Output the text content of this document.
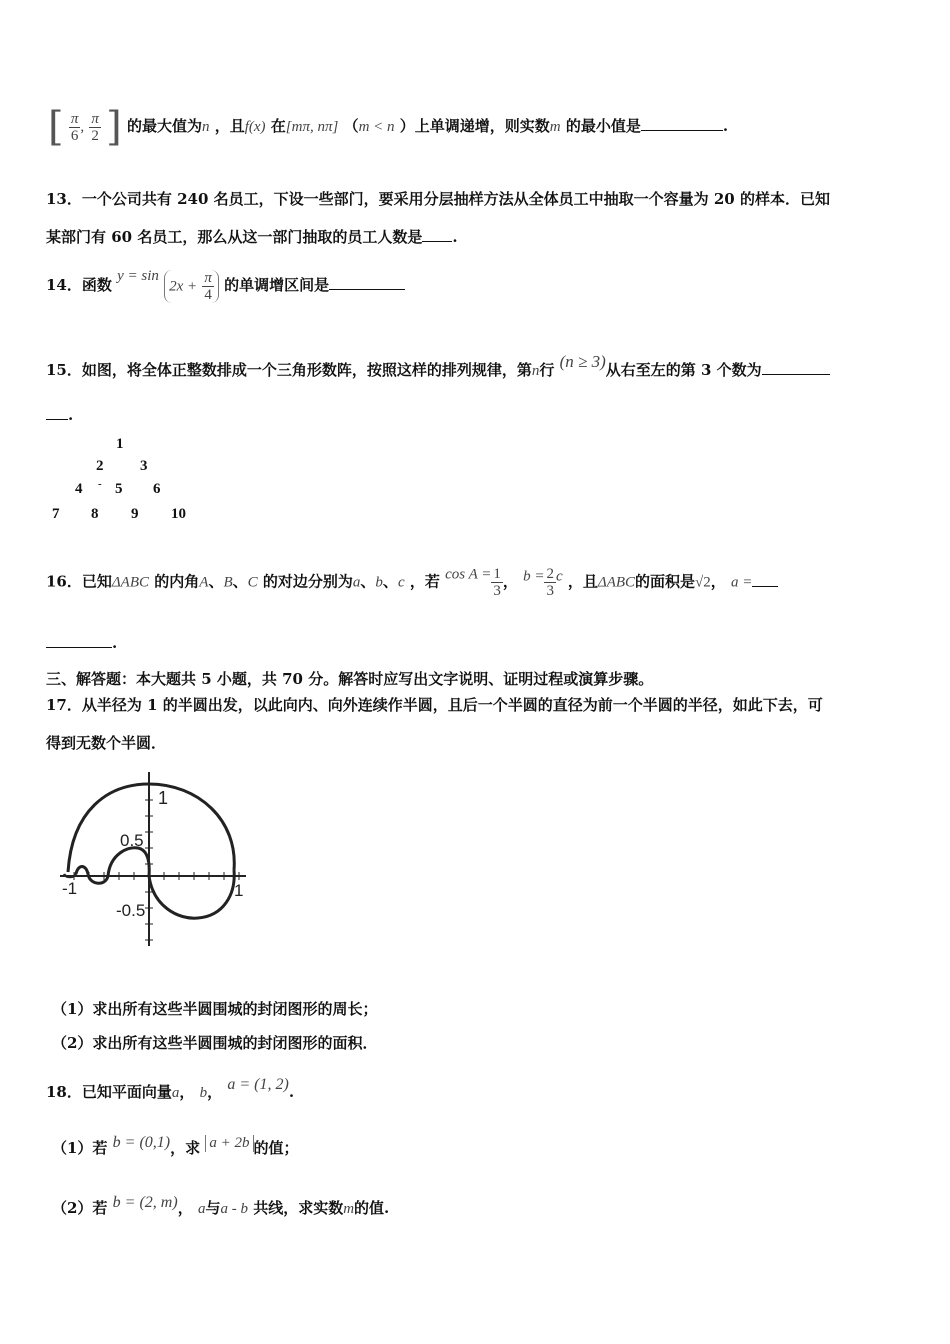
[ $\frac{\pi}{6}$ , $\frac{\pi}{2}$ ] 的最大值为n ，且f(x) 在[mπ, nπ] （m < n ）上单调递增，则实数m 的最小值是	.
13．一个公司共有 240 名员工，下设一些部门，要采用分层抽样方法从全体员工中抽取一个容量为 20 的样本．已知
某部门有 60 名员工，那么从这一部门抽取的员工人数是 .
14．函数 $y = \sin 2x + \frac{\pi}{4}$ 的单调增区间是
15．如图，将全体正整数排成一个三角形数阵，按照这样的排列规律，第n行 (n ≥ 3)从右至左的第 3 个数为
.
1
2 3
4 - 5 6
7 8 9 10
16．已知ΔABC 的内角A、B、C 的对边分别为a、b、c ，若 $\cos A = \frac{1}{3}$ ， $b = \frac{2}{3}$ c ，且ΔABC的面积是√2， a =
.
三、解答题：本大题共 5 小题，共 70 分。解答时应写出文字说明、证明过程或演算步骤。
17．从半径为 1 的半圆出发，以此向内、向外连续作半圆，且后一个半圆的直径为前一个半圆的半径，如此下去，可
得到无数个半圆．
1
0.5
-1	1
-0.5
（1）求出所有这些半圆围城的封闭图形的周长；
（2）求出所有这些半圆围城的封闭图形的面积．
18．已知平面向量a， b， a = (1, 2).
（1）若 b = (0,1)，求 a + 2b 的值；
（2）若 b = (2, m)， a与a - b 共线，求实数m的值.
